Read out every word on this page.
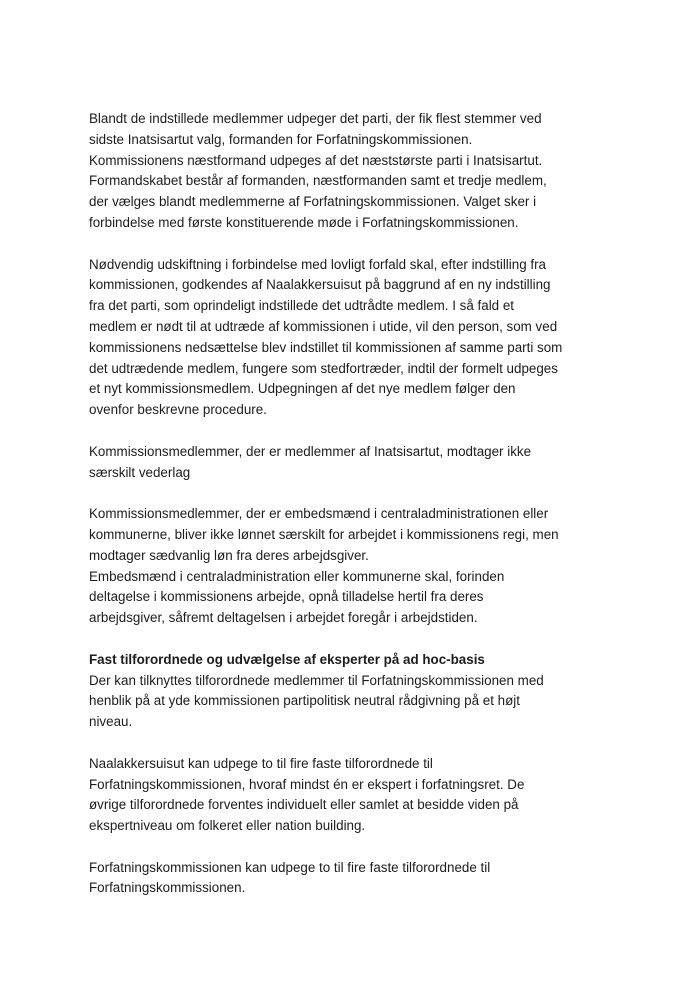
Blandt de indstillede medlemmer udpeger det parti, der fik flest stemmer ved
sidste Inatsisartut valg, formanden for Forfatningskommissionen.
Kommissionens næstformand udpeges af det næststørste parti i Inatsisartut.
Formandskabet består af formanden, næstformanden samt et tredje medlem,
der vælges blandt medlemmerne af Forfatningskommissionen. Valget sker i
forbindelse med første konstituerende møde i Forfatningskommissionen.

Nødvendig udskiftning i forbindelse med lovligt forfald skal, efter indstilling fra
kommissionen, godkendes af Naalakkersuisut på baggrund af en ny indstilling
fra det parti, som oprindeligt indstillede det udtrådte medlem. I så fald et
medlem er nødt til at udtræde af kommissionen i utide, vil den person, som ved
kommissionens nedsættelse blev indstillet til kommissionen af samme parti som
det udtrædende medlem, fungere som stedfortræder, indtil der formelt udpeges
et nyt kommissionsmedlem. Udpegningen af det nye medlem følger den
ovenfor beskrevne procedure.

Kommissionsmedlemmer, der er medlemmer af Inatsisartut, modtager ikke
særskilt vederlag

Kommissionsmedlemmer, der er embedsmænd i centraladministrationen eller
kommunerne, bliver ikke lønnet særskilt for arbejdet i kommissionens regi, men
modtager sædvanlig løn fra deres arbejdsgiver.
Embedsmænd i centraladministration eller kommunerne skal, forinden
deltagelse i kommissionens arbejde, opnå tilladelse hertil fra deres
arbejdsgiver, såfremt deltagelsen i arbejdet foregår i arbejdstiden.

Fast tilforordnede og udvælgelse af eksperter på ad hoc-basis
Der kan tilknyttes tilforordnede medlemmer til Forfatningskommissionen med
henblik på at yde kommissionen partipolitisk neutral rådgivning på et højt
niveau.

Naalakkersuisut kan udpege to til fire faste tilforordnede til
Forfatningskommissionen, hvoraf mindst én er ekspert i forfatningsret. De
øvrige tilforordnede forventes individuelt eller samlet at besidde viden på
ekspertniveau om folkeret eller nation building.

Forfatningskommissionen kan udpege to til fire faste tilforordnede til
Forfatningskommissionen.
